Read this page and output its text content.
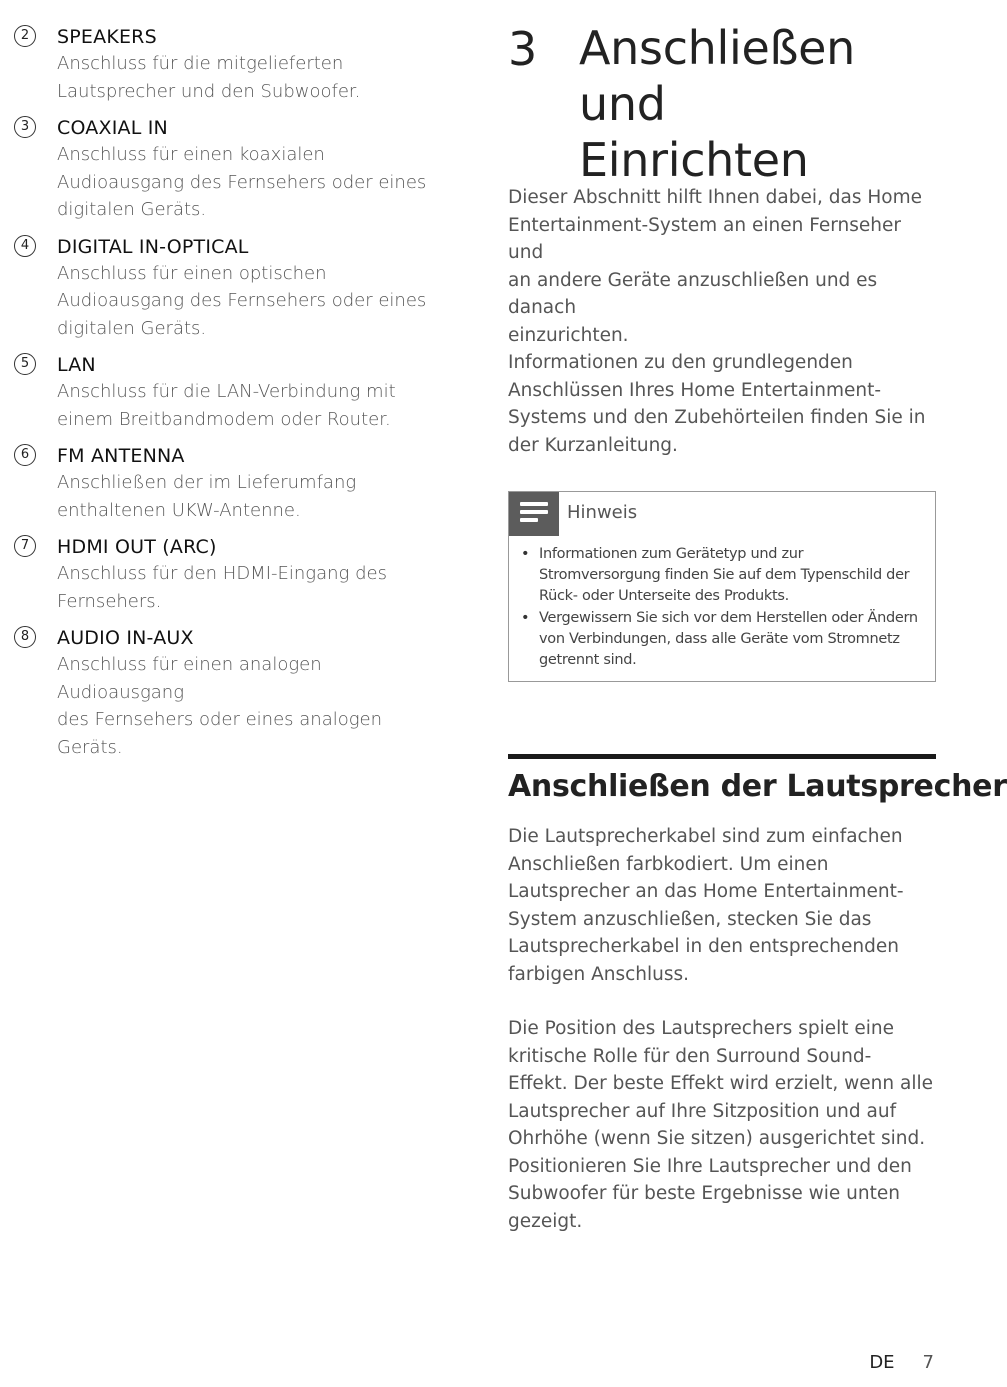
2	SPEAKERS
Anschluss für die mitgelieferten
Lautsprecher und den Subwoofer.
3	COAXIAL IN
Anschluss für einen koaxialen
Audioausgang des Fernsehers oder eines
digitalen Geräts.
4	DIGITAL IN-OPTICAL
Anschluss für einen optischen
Audioausgang des Fernsehers oder eines
digitalen Geräts.
5	LAN
Anschluss für die LAN-Verbindung mit
einem Breitbandmodem oder Router.
6	FM ANTENNA
Anschließen der im Lieferumfang
enthaltenen UKW-Antenne.
7	HDMI OUT (ARC)
Anschluss für den HDMI-Eingang des
Fernsehers.
8	AUDIO IN-AUX
Anschluss für einen analogen Audioausgang
des Fernsehers oder eines analogen
Geräts.
3 Anschließen und
Einrichten
Dieser Abschnitt hilft Ihnen dabei, das Home
Entertainment-System an einen Fernseher und
an andere Geräte anzuschließen und es danach
einzurichten.
Informationen zu den grundlegenden
Anschlüssen Ihres Home Entertainment-
Systems und den Zubehörteilen finden Sie in
der Kurzanleitung.
Hinweis
• Informationen zum Gerätetyp und zur
Stromversorgung finden Sie auf dem Typenschild der
Rück- oder Unterseite des Produkts.
• Vergewissern Sie sich vor dem Herstellen oder Ändern
von Verbindungen, dass alle Geräte vom Stromnetz
getrennt sind.
Anschließen der Lautsprecher
Die Lautsprecherkabel sind zum einfachen
Anschließen farbkodiert. Um einen
Lautsprecher an das Home Entertainment-
System anzuschließen, stecken Sie das
Lautsprecherkabel in den entsprechenden
farbigen Anschluss.
Die Position des Lautsprechers spielt eine
kritische Rolle für den Surround Sound-
Effekt. Der beste Effekt wird erzielt, wenn alle
Lautsprecher auf Ihre Sitzposition und auf
Ohrhöhe (wenn Sie sitzen) ausgerichtet sind.
Positionieren Sie Ihre Lautsprecher und den
Subwoofer für beste Ergebnisse wie unten
gezeigt.
DE 7
